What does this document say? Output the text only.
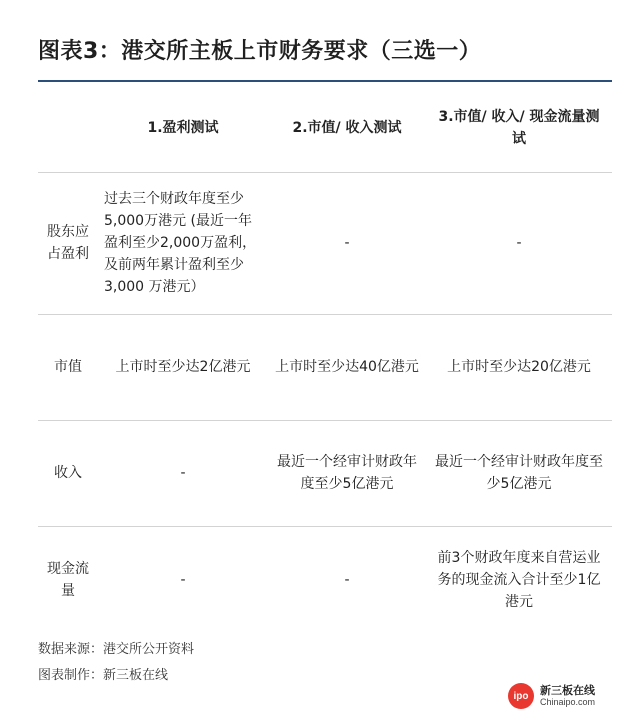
图表3：港交所主板上市财务要求（三选一）
	1.盈利测试	2.市值/ 收入测试	3.市值/ 收入/ 现金流量测试
股东应占盈利	过去三个财政年度至少5,000万港元 (最近一年盈利至少2,000万盈利，及前两年累计盈利至少3,000 万港元）	-	-
市值	上市时至少达2亿港元	上市时至少达40亿港元	上市时至少达20亿港元
收入	-	最近一个经审计财政年度至少5亿港元	最近一个经审计财政年度至少5亿港元
现金流量	-	-	前3个财政年度来自营运业务的现金流入合计至少1亿港元
数据来源：港交所公开资料
图表制作：新三板在线
ipo	新三板在线
Chinaipo.com
